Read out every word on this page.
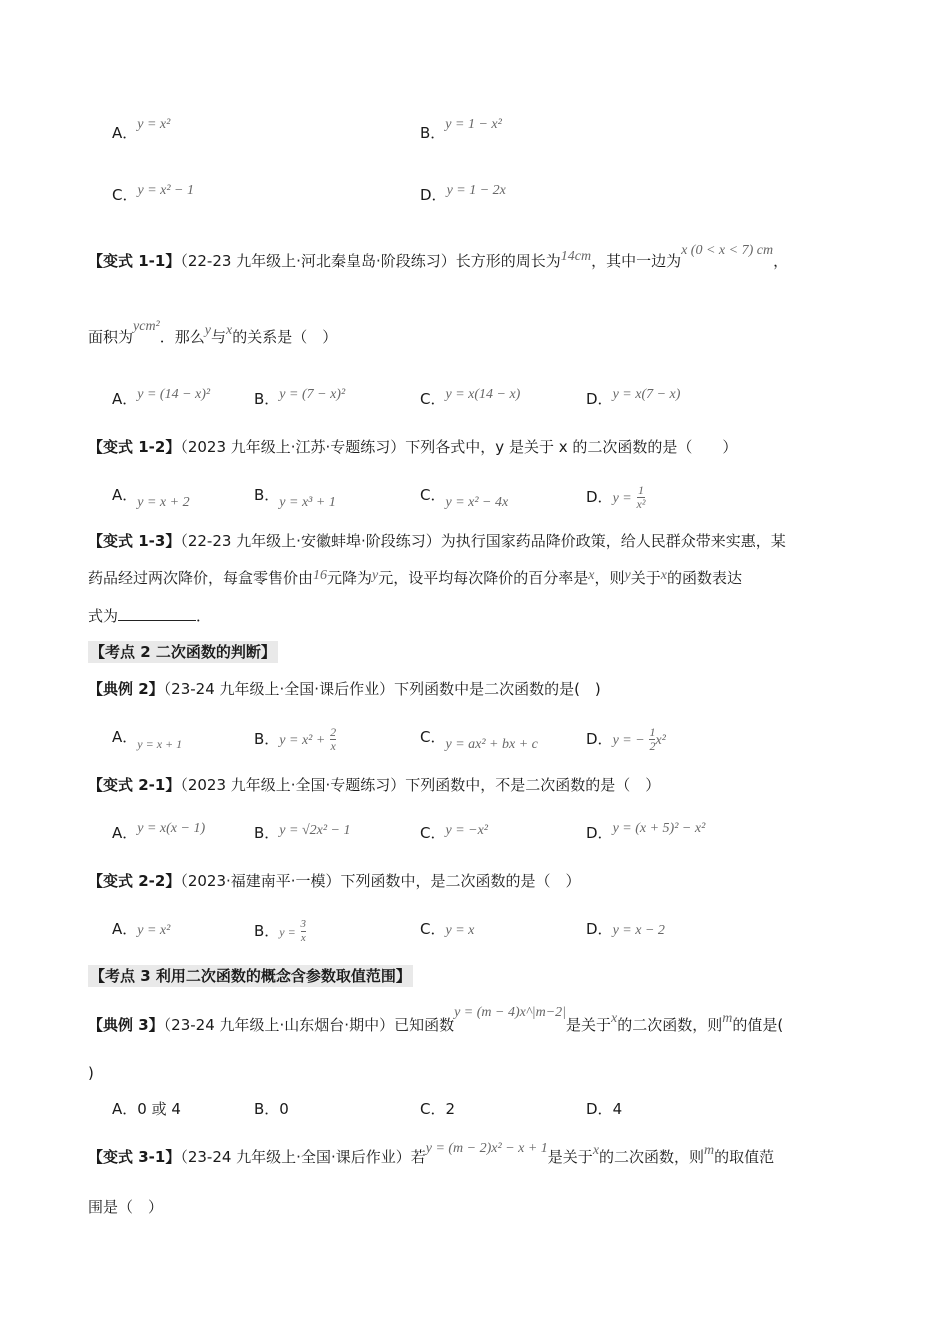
A．y = x²	B．y = 1 − x²
C．y = x² − 1	D．y = 1 − 2x
【变式 1-1】（22-23 九年级上·河北秦皇岛·阶段练习）长方形的周长为14cm，其中一边为x (0 < x < 7) cm，
面积为ycm²．那么y与x的关系是（　）
A．y = (14 − x)²	B．y = (7 − x)²	C．y = x(14 − x)	D．y = x(7 − x)
【变式 1-2】（2023 九年级上·江苏·专题练习）下列各式中，y 是关于 x 的二次函数的是（　　）
A．y = x + 2	B．y = x³ + 1	C．y = x² − 4x	D．$y = \frac{1}{\text{x²}}$
【变式 1-3】（22-23 九年级上·安徽蚌埠·阶段练习）为执行国家药品降价政策，给人民群众带来实惠，某
药品经过两次降价，每盒零售价由16元降为y元，设平均每次降价的百分率是x，则y关于x的函数表达
式为	．
【考点 2 二次函数的判断】
【典例 2】（23-24 九年级上·全国·课后作业）下列函数中是二次函数的是(　)
A．$_{y = x + 1}$	B．$y = x^2 + \frac{2}{x}$	C．y = ax² + bx + c	D．y = − $\frac{1}{2} x^2$
【变式 2-1】（2023 九年级上·全国·专题练习）下列函数中，不是二次函数的是（　）
A．y = x(x − 1)	B．y = √2x² − 1	C．y = −x²	D．y = (x + 5)² − x²
【变式 2-2】（2023·福建南平·一模）下列函数中，是二次函数的是（　）
A．y = x²	B．$y = \frac{3}{x}$	C．y = x	D．y = x − 2
【考点 3 利用二次函数的概念含参数取值范围】
【典例 3】（23-24 九年级上·山东烟台·期中）已知函数y = (m − 4)x^|m−2|是关于x的二次函数，则m的值是(
)
A．0 或 4	B．0	C．2	D．4
【变式 3-1】（23-24 九年级上·全国·课后作业）若y = (m − 2)x² − x + 1是关于x的二次函数，则m的取值范
围是（　）
